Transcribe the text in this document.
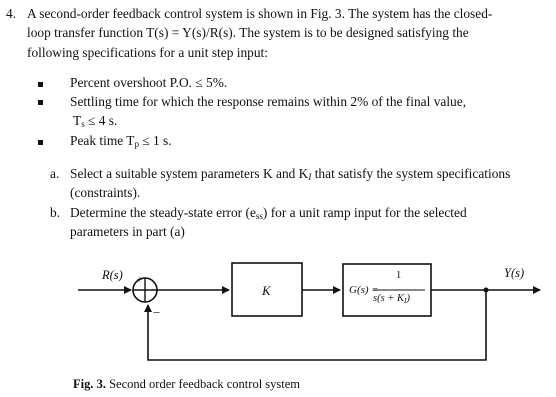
4. A second-order feedback control system is shown in Fig. 3. The system has the closed-
loop transfer function T(s) = Y(s)/R(s). The system is to be designed satisfying the
following specifications for a unit step input:
Percent overshoot P.O. ≤ 5%.
Settling time for which the response remains within 2% of the final value,
$T_s \le 4$ s.
Peak time $T_p \le 1$ s.
a. Select a suitable system parameters K and $K_I$ that satisfy the system specifications
(constraints).
b. Determine the steady-state error $(e_{ss})$ for a unit ramp input for the selected
parameters in part (a)
R(s) +
−
K	G(s) =
1
$s(s + K_I)$
Y(s)
Fig. 3. Second order feedback control system
